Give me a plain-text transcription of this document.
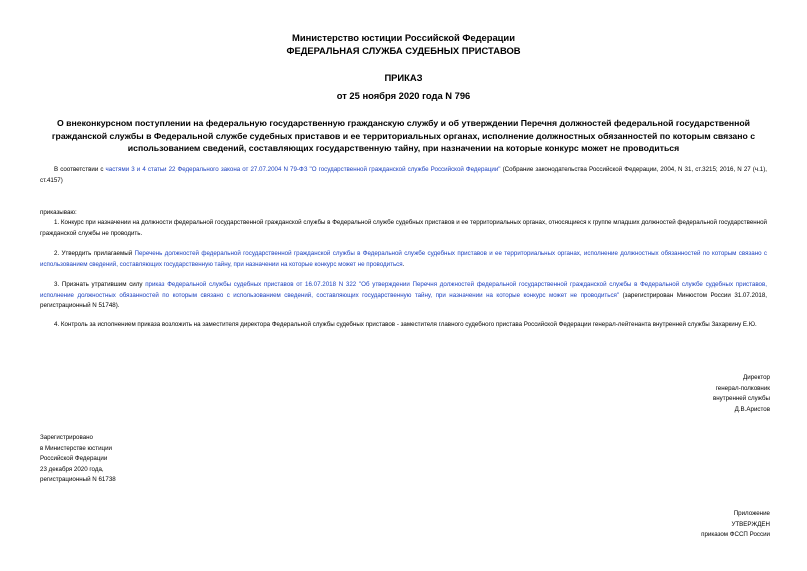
Министерство юстиции Российской Федерации
ФЕДЕРАЛЬНАЯ СЛУЖБА СУДЕБНЫХ ПРИСТАВОВ
ПРИКАЗ
от 25 ноября 2020 года N 796
О внеконкурсном поступлении на федеральную государственную гражданскую службу и об утверждении Перечня должностей федеральной государственной гражданской службы в Федеральной службе судебных приставов и ее территориальных органах, исполнение должностных обязанностей по которым связано с использованием сведений, составляющих государственную тайну, при назначении на которые конкурс может не проводиться
В соответствии с частями 3 и 4 статьи 22 Федерального закона от 27.07.2004 N 79-ФЗ "О государственной гражданской службе Российской Федерации" (Собрание законодательства Российской Федерации, 2004, N 31, ст.3215; 2016, N 27 (ч.1), ст.4157)
приказываю:
1. Конкурс при назначении на должности федеральной государственной гражданской службы в Федеральной службе судебных приставов и ее территориальных органах, относящиеся к группе младших должностей федеральной государственной гражданской службы не проводить.
2. Утвердить прилагаемый Перечень должностей федеральной государственной гражданской службы в Федеральной службе судебных приставов и ее территориальных органах, исполнение должностных обязанностей по которым связано с использованием сведений, составляющих государственную тайну, при назначении на которые конкурс может не проводиться.
3. Признать утратившим силу приказ Федеральной службы судебных приставов от 16.07.2018 N 322 "Об утверждении Перечня должностей федеральной государственной гражданской службы в Федеральной службе судебных приставов, исполнение должностных обязанностей по которым связано с использованием сведений, составляющих государственную тайну, при назначении на которые конкурс может не проводиться" (зарегистрирован Минюстом России 31.07.2018, регистрационный N 51748).
4. Контроль за исполнением приказа возложить на заместителя директора Федеральной службы судебных приставов - заместителя главного судебного пристава Российской Федерации генерал-лейтенанта внутренней службы Захаркину Е.Ю.
Директор
генерал-полковник
внутренней службы
Д.В.Аристов
Зарегистрировано
в Министерстве юстиции
Российской Федерации
23 декабря 2020 года,
регистрационный N 61738
Приложение
УТВЕРЖДЕН
приказом ФССП России
